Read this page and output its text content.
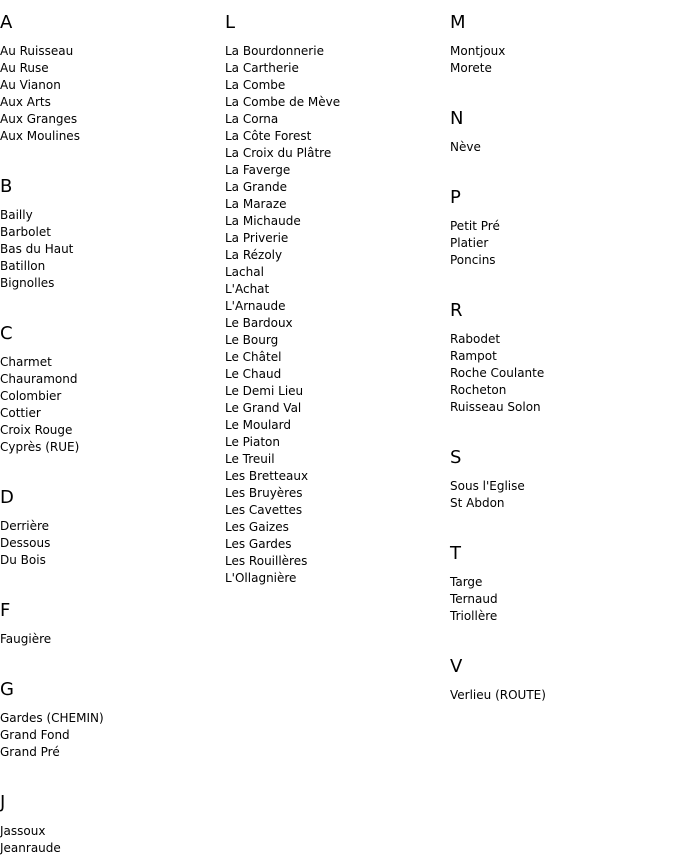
A
Au Ruisseau
Au Ruse
Au Vianon
Aux Arts
Aux Granges
Aux Moulines
B
Bailly
Barbolet
Bas du Haut
Batillon
Bignolles
C
Charmet
Chauramond
Colombier
Cottier
Croix Rouge
Cyprès (RUE)
D
Derrière
Dessous
Du Bois
F
Faugière
G
Gardes (CHEMIN)
Grand Fond
Grand Pré
J
Jassoux
Jeanraude
L
La Bourdonnerie
La Cartherie
La Combe
La Combe de Mève
La Corna
La Côte Forest
La Croix du Plâtre
La Faverge
La Grande
La Maraze
La Michaude
La Priverie
La Rézoly
Lachal
L'Achat
L'Arnaude
Le Bardoux
Le Bourg
Le Châtel
Le Chaud
Le Demi Lieu
Le Grand Val
Le Moulard
Le Piaton
Le Treuil
Les Bretteaux
Les Bruyères
Les Cavettes
Les Gaizes
Les Gardes
Les Rouillères
L'Ollagnière
M
Montjoux
Morete
N
Nève
P
Petit Pré
Platier
Poncins
R
Rabodet
Rampot
Roche Coulante
Rocheton
Ruisseau Solon
S
Sous l'Eglise
St Abdon
T
Targe
Ternaud
Triollère
V
Verlieu (ROUTE)
